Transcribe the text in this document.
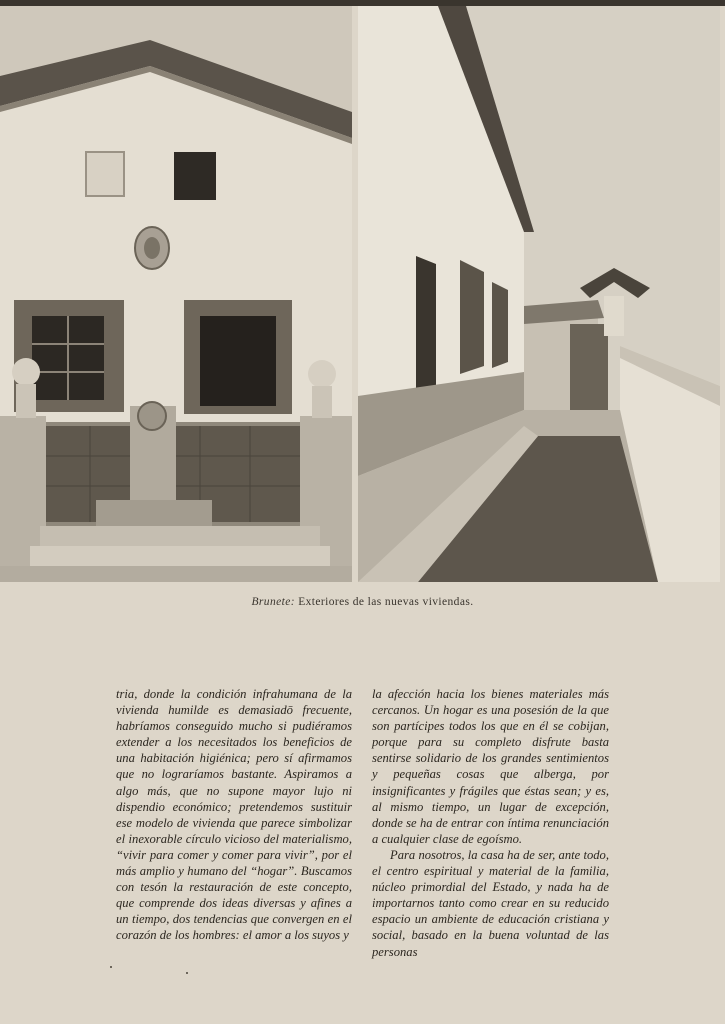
Brunete: Exteriores de las nuevas viviendas.

tria, donde la condición infrahumana de la vivienda humilde es demasiadō frecuente, habríamos conseguido mucho si pudiéramos extender a los necesitados los beneficios de una habitación higiénica; pero sí afirmamos que no lograríamos bastante. Aspiramos a algo más, que no supone mayor lujo ni dispendio económico; pretendemos sustituir ese modelo de vivienda que parece simbolizar el inexorable círculo vicioso del materialismo, “vivir para comer y comer para vivir”, por el más amplio y humano del “hogar”. Buscamos con tesón la restauración de este concepto, que comprende dos ideas diversas y afines a un tiempo, dos tendencias que convergen en el corazón de los hombres: el amor a los suyos y

la afección hacia los bienes materiales más cercanos. Un hogar es una posesión de la que son partícipes todos los que en él se cobijan, porque para su completo disfrute basta sentirse solidario de los grandes sentimientos y pequeñas cosas que alberga, por insignificantes y frágiles que éstas sean; y es, al mismo tiempo, un lugar de excepción, donde se ha de entrar con íntima renunciación a cualquier clase de egoísmo.

Para nosotros, la casa ha de ser, ante todo, el centro espiritual y material de la familia, núcleo primordial del Estado, y nada ha de importarnos tanto como crear en su reducido espacio un ambiente de educación cristiana y social, basado en la buena voluntad de las personas
